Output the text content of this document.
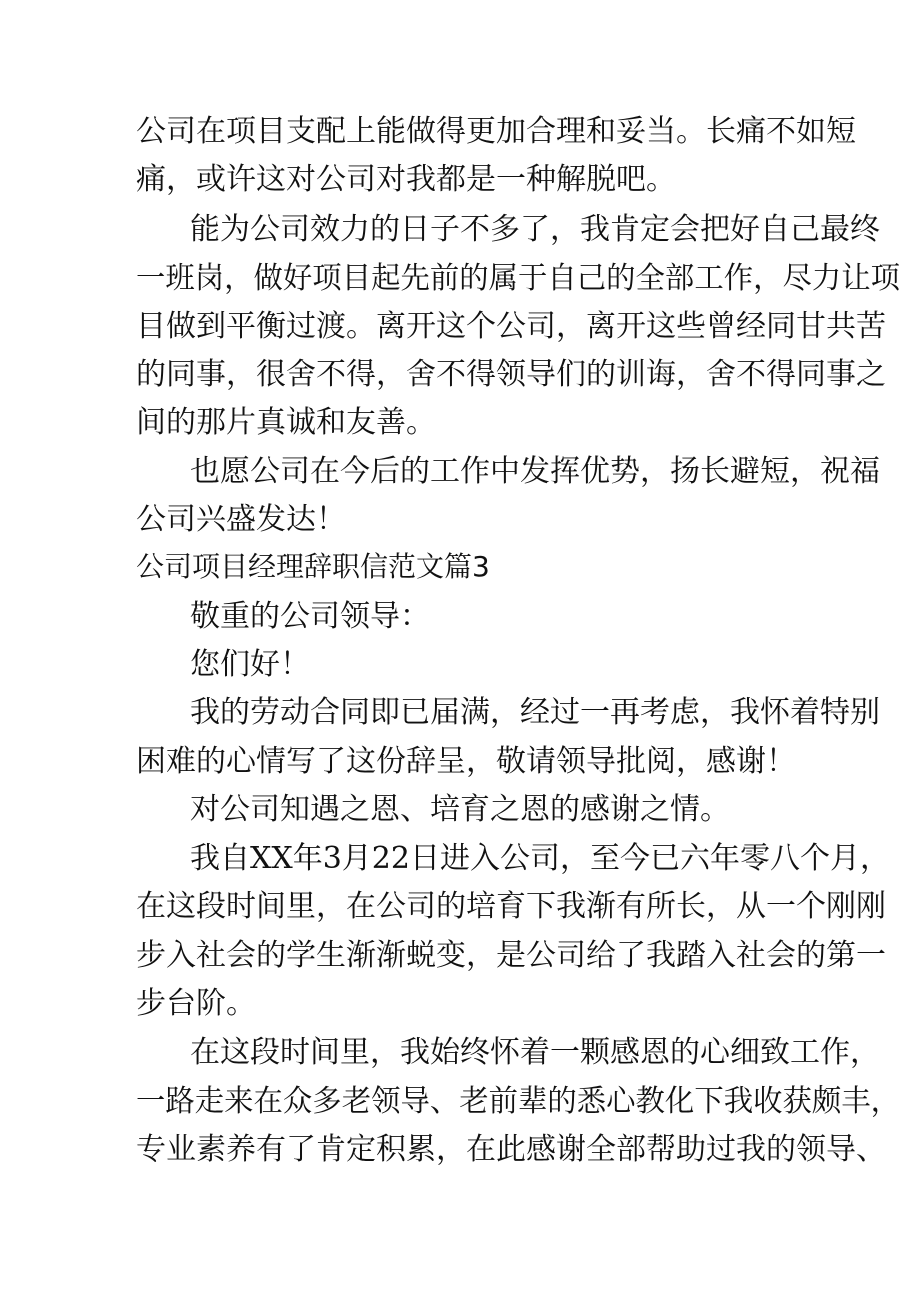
公司在项目支配上能做得更加合理和妥当。长痛不如短
痛，或许这对公司对我都是一种解脱吧。
能为公司效力的日子不多了，我肯定会把好自己最终
一班岗，做好项目起先前的属于自己的全部工作，尽力让项
目做到平衡过渡。离开这个公司，离开这些曾经同甘共苦
的同事，很舍不得，舍不得领导们的训诲，舍不得同事之
间的那片真诚和友善。
也愿公司在今后的工作中发挥优势，扬长避短，祝福
公司兴盛发达！
公司项目经理辞职信范文篇3
敬重的公司领导：
您们好！
我的劳动合同即已届满，经过一再考虑，我怀着特别
困难的心情写了这份辞呈，敬请领导批阅，感谢！
对公司知遇之恩、培育之恩的感谢之情。
我自XX年3月22日进入公司，至今已六年零八个月，
在这段时间里，在公司的培育下我渐有所长，从一个刚刚
步入社会的学生渐渐蜕变，是公司给了我踏入社会的第一
步台阶。
在这段时间里，我始终怀着一颗感恩的心细致工作，
一路走来在众多老领导、老前辈的悉心教化下我收获颇丰，
专业素养有了肯定积累，在此感谢全部帮助过我的领导、
